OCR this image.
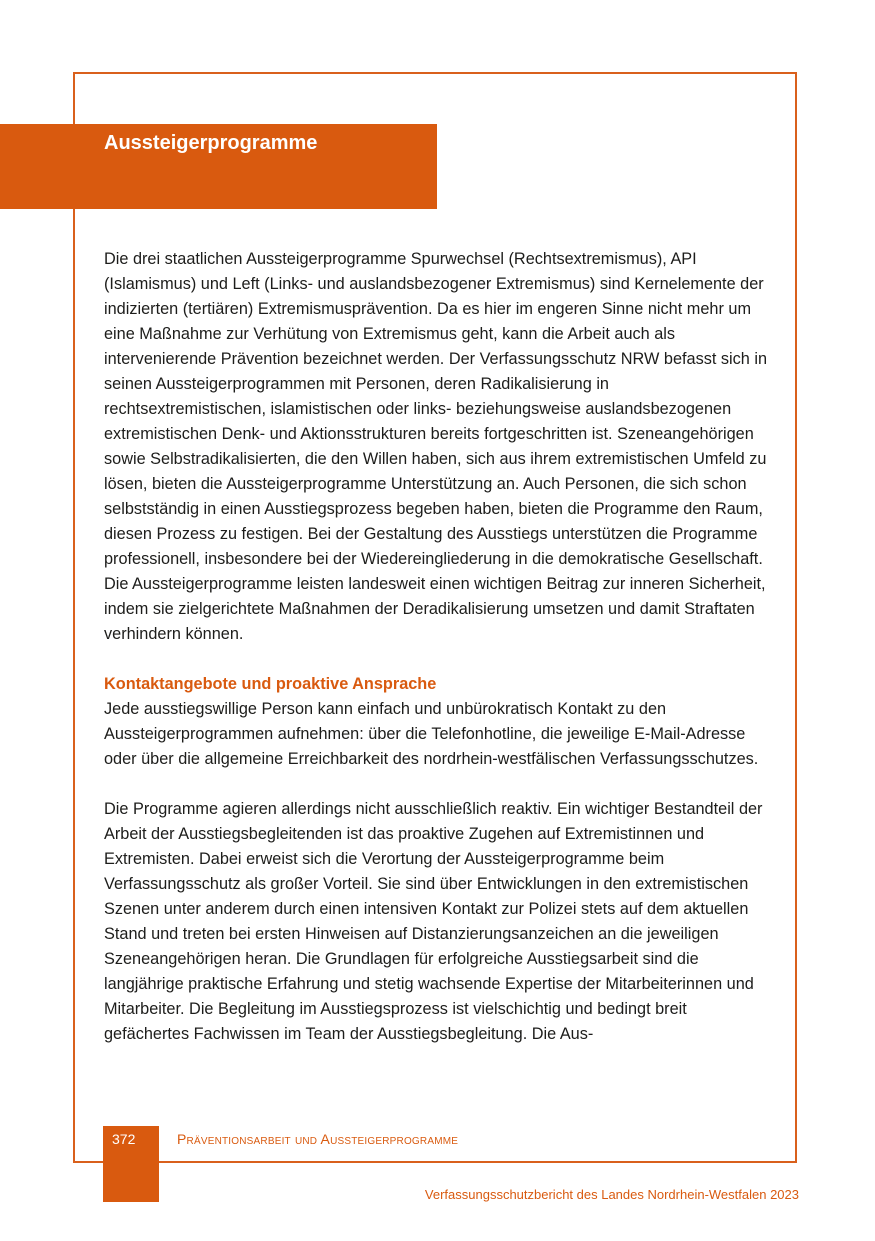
Aussteigerprogramme

Die drei staatlichen Aussteigerprogramme Spurwechsel (Rechtsextremismus), API (Islamismus) und Left (Links- und auslandsbezogener Extremismus) sind Kernelemente der indizierten (tertiären) Extremismusprävention. Da es hier im engeren Sinne nicht mehr um eine Maßnahme zur Verhütung von Extremismus geht, kann die Arbeit auch als intervenierende Prävention bezeichnet werden. Der Verfassungsschutz NRW befasst sich in seinen Aussteigerprogrammen mit Personen, deren Radikalisierung in rechtsextremistischen, islamistischen oder links- beziehungsweise auslandsbezogenen extremistischen Denk- und Aktionsstrukturen bereits fortgeschritten ist. Szeneangehörigen sowie Selbstradikalisierten, die den Willen haben, sich aus ihrem extremistischen Umfeld zu lösen, bieten die Aussteigerprogramme Unterstützung an. Auch Personen, die sich schon selbstständig in einen Ausstiegsprozess begeben haben, bieten die Programme den Raum, diesen Prozess zu festigen. Bei der Gestaltung des Ausstiegs unterstützen die Programme professionell, insbesondere bei der Wiedereingliederung in die demokratische Gesellschaft. Die Aussteigerprogramme leisten landesweit einen wichtigen Beitrag zur inneren Sicherheit, indem sie zielgerichtete Maßnahmen der Deradikalisierung umsetzen und damit Straftaten verhindern können.

Kontaktangebote und proaktive Ansprache

Jede ausstiegswillige Person kann einfach und unbürokratisch Kontakt zu den Aussteigerprogrammen aufnehmen: über die Telefonhotline, die jeweilige E-Mail-Adresse oder über die allgemeine Erreichbarkeit des nordrhein-westfälischen Verfassungsschutzes.

Die Programme agieren allerdings nicht ausschließlich reaktiv. Ein wichtiger Bestandteil der Arbeit der Ausstiegsbegleitenden ist das proaktive Zugehen auf Extremistinnen und Extremisten. Dabei erweist sich die Verortung der Aussteigerprogramme beim Verfassungsschutz als großer Vorteil. Sie sind über Entwicklungen in den extremistischen Szenen unter anderem durch einen intensiven Kontakt zur Polizei stets auf dem aktuellen Stand und treten bei ersten Hinweisen auf Distanzierungsanzeichen an die jeweiligen Szeneangehörigen heran. Die Grundlagen für erfolgreiche Ausstiegsarbeit sind die langjährige praktische Erfahrung und stetig wachsende Expertise der Mitarbeiterinnen und Mitarbeiter. Die Begleitung im Ausstiegsprozess ist vielschichtig und bedingt breit gefächertes Fachwissen im Team der Ausstiegsbegleitung. Die Aus-

372	Präventionsarbeit und Aussteigerprogramme
Verfassungsschutzbericht des Landes Nordrhein-Westfalen 2023
